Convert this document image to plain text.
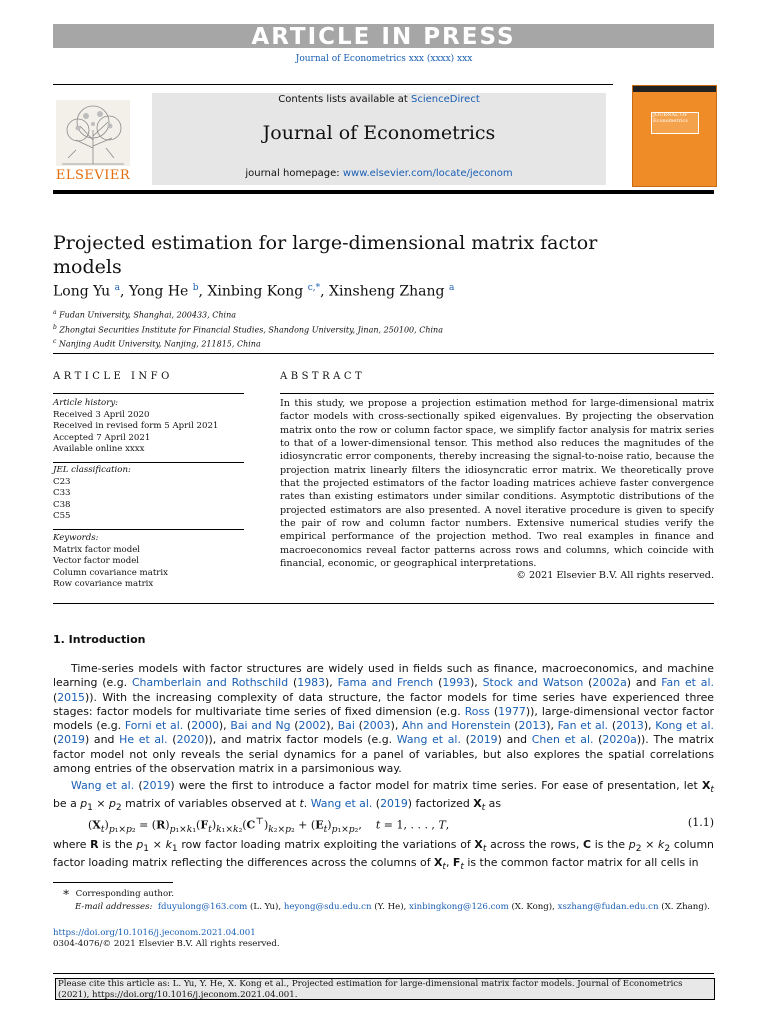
ARTICLE IN PRESS
Journal of Econometrics xxx (xxxx) xxx
ELSEVIER
Contents lists available at ScienceDirect
Journal of Econometrics
journal homepage: www.elsevier.com/locate/jeconom
JOURNAL OF Econometrics
Projected estimation for large-dimensional matrix factor models
Long Yu $^a$, Yong He $^b$, Xinbing Kong $^{c,*}$, Xinsheng Zhang $^a$
$^a$ Fudan University, Shanghai, 200433, China
$^b$ Zhongtai Securities Institute for Financial Studies, Shandong University, Jinan, 250100, China
$^c$ Nanjing Audit University, Nanjing, 211815, China
ARTICLE INFO
Article history:
Received 3 April 2020
Received in revised form 5 April 2021
Accepted 7 April 2021
Available online xxxx
JEL classification:
C23
C33
C38
C55
Keywords:
Matrix factor model
Vector factor model
Column covariance matrix
Row covariance matrix
ABSTRACT
In this study, we propose a projection estimation method for large-dimensional matrix factor models with cross-sectionally spiked eigenvalues. By projecting the observation matrix onto the row or column factor space, we simplify factor analysis for matrix series to that of a lower-dimensional tensor. This method also reduces the magnitudes of the idiosyncratic error components, thereby increasing the signal-to-noise ratio, because the projection matrix linearly filters the idiosyncratic error matrix. We theoretically prove that the projected estimators of the factor loading matrices achieve faster convergence rates than existing estimators under similar conditions. Asymptotic distributions of the projected estimators are also presented. A novel iterative procedure is given to specify the pair of row and column factor numbers. Extensive numerical studies verify the empirical performance of the projection method. Two real examples in finance and macroeconomics reveal factor patterns across rows and columns, which coincide with financial, economic, or geographical interpretations.
© 2021 Elsevier B.V. All rights reserved.
1. Introduction
Time-series models with factor structures are widely used in fields such as finance, macroeconomics, and machine learning (e.g. Chamberlain and Rothschild (1983), Fama and French (1993), Stock and Watson (2002a) and Fan et al. (2015)). With the increasing complexity of data structure, the factor models for time series have experienced three stages: factor models for multivariate time series of fixed dimension (e.g. Ross (1977)), large-dimensional vector factor models (e.g. Forni et al. (2000), Bai and Ng (2002), Bai (2003), Ahn and Horenstein (2013), Fan et al. (2013), Kong et al. (2019) and He et al. (2020)), and matrix factor models (e.g. Wang et al. (2019) and Chen et al. (2020a)). The matrix factor model not only reveals the serial dynamics for a panel of variables, but also explores the spatial correlations among entries of the observation matrix in a parsimonious way.
Wang et al. (2019) were the first to introduce a factor model for matrix time series. For ease of presentation, let $X_t$ be a $p_1 \times p_2$ matrix of variables observed at t. Wang et al. (2019) factorized $X_t$ as
$(X_t)_{p_1\times p_2} = (R)_{p_1\times k_1}(F_t)_{k_1\times k_2}(C^⊤)_{k_2\times p_2} + (E_t)_{p_1\times p_2}$,    t = 1, . . . , T,	(1.1)
where R is the $p_1 \times k_1$ row factor loading matrix exploiting the variations of $X_t$ across the rows, C is the $p_2 \times k_2$ column factor loading matrix reflecting the differences across the columns of $X_t$, $F_t$ is the common factor matrix for all cells in
∗ Corresponding author.
E-mail addresses: fduyulong@163.com (L. Yu), heyong@sdu.edu.cn (Y. He), xinbingkong@126.com (X. Kong), xszhang@fudan.edu.cn (X. Zhang).
https://doi.org/10.1016/j.jeconom.2021.04.001
0304-4076/© 2021 Elsevier B.V. All rights reserved.
Please cite this article as: L. Yu, Y. He, X. Kong et al., Projected estimation for large-dimensional matrix factor models. Journal of Econometrics (2021), https://doi.org/10.1016/j.jeconom.2021.04.001.
